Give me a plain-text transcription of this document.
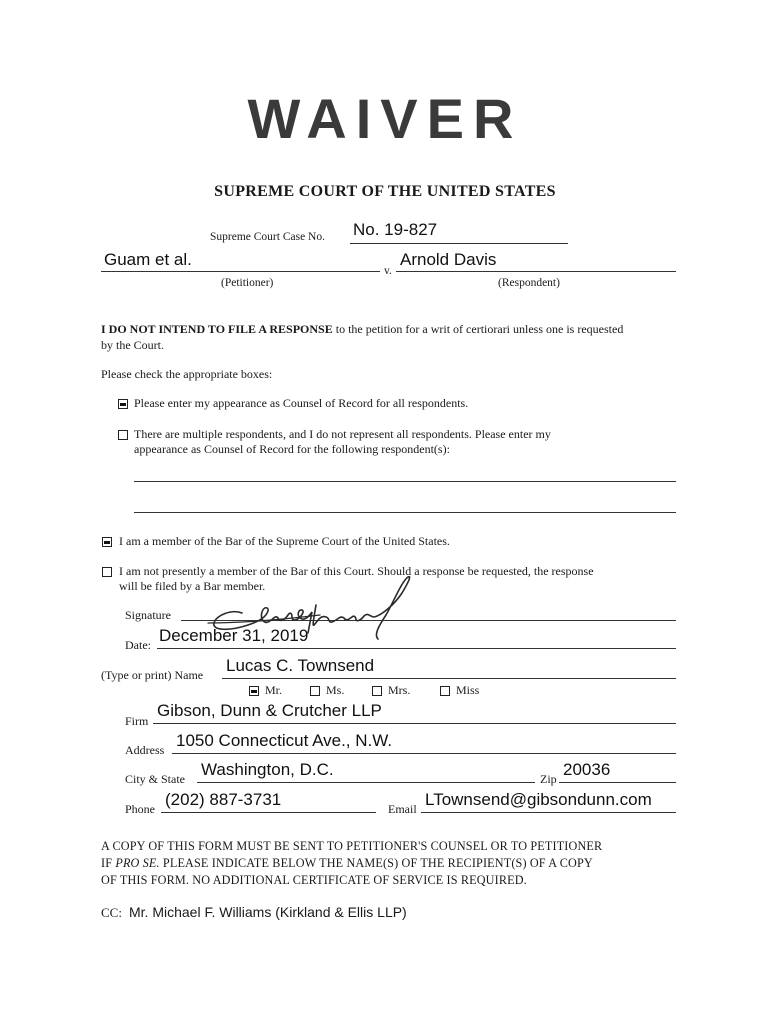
WAIVER
SUPREME COURT OF THE UNITED STATES
Supreme Court Case No. No. 19-827
Guam et al.
v.
Arnold Davis
(Petitioner)	(Respondent)
I DO NOT INTEND TO FILE A RESPONSE to the petition for a writ of certiorari unless one is requested
by the Court.
Please check the appropriate boxes:
Please enter my appearance as Counsel of Record for all respondents.
There are multiple respondents, and I do not represent all respondents. Please enter my
appearance as Counsel of Record for the following respondent(s):
I am a member of the Bar of the Supreme Court of the United States.
I am not presently a member of the Bar of this Court. Should a response be requested, the response
will be filed by a Bar member.
Signature
Date: December 31, 2019
(Type or print) Name Lucas C. Townsend
Mr.	Ms.	Mrs.	Miss
Firm
Gibson, Dunn & Crutcher LLP
Address 1050 Connecticut Ave., N.W.
City & State Washington, D.C.	Zip 20036
Phone (202) 887-3731	Email LTownsend@gibsondunn.com
A COPY OF THIS FORM MUST BE SENT TO PETITIONER'S COUNSEL OR TO PETITIONER
IF PRO SE. PLEASE INDICATE BELOW THE NAME(S) OF THE RECIPIENT(S) OF A COPY
OF THIS FORM. NO ADDITIONAL CERTIFICATE OF SERVICE IS REQUIRED.
CC: Mr. Michael F. Williams (Kirkland & Ellis LLP)
